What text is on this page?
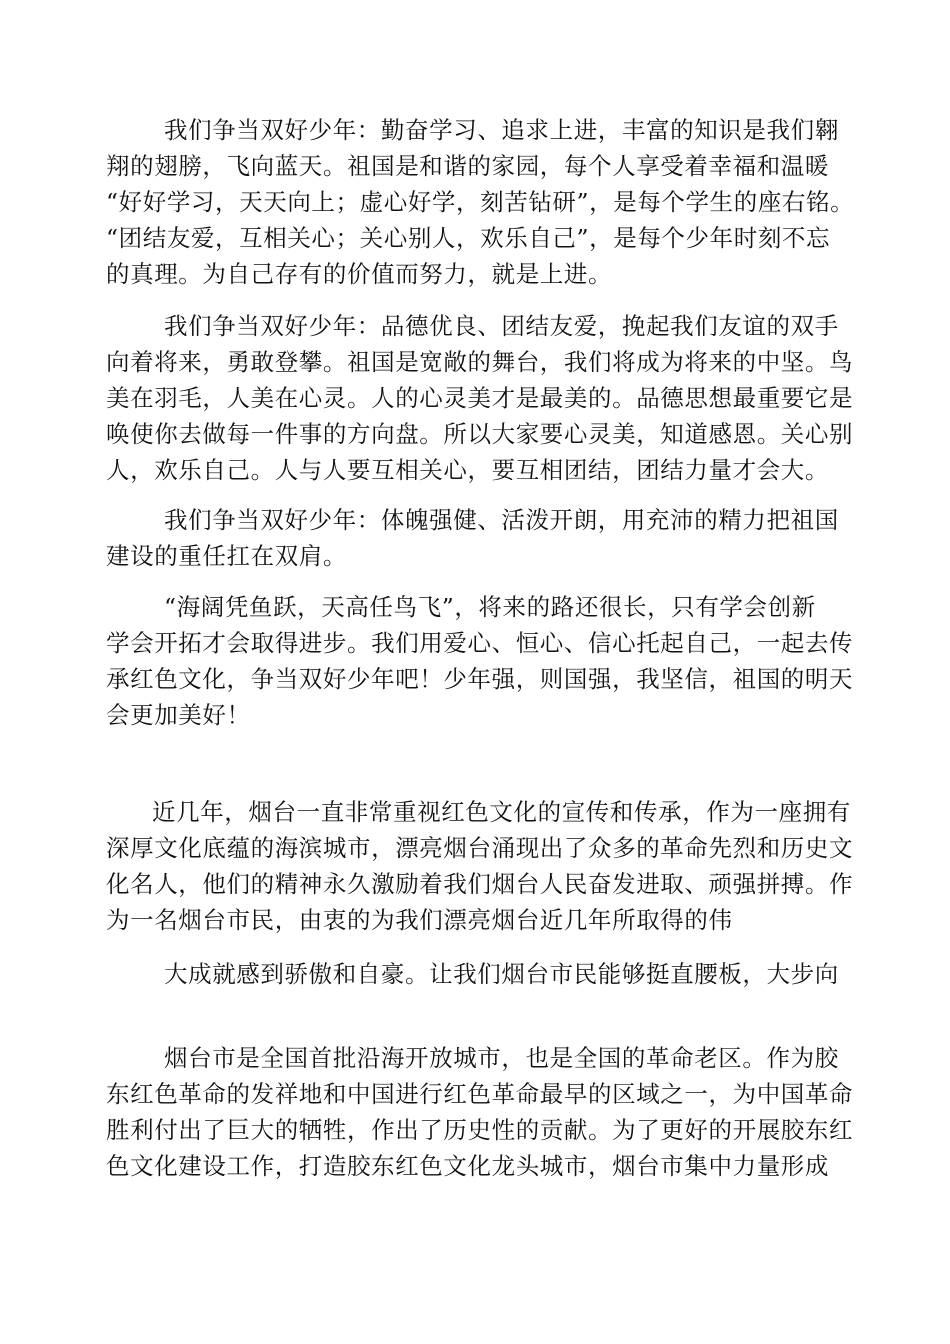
我们争当双好少年：勤奋学习、追求上进，丰富的知识是我们翱
翔的翅膀，飞向蓝天。祖国是和谐的家园，每个人享受着幸福和温暖
“好好学习，天天向上；虚心好学，刻苦钻研”，是每个学生的座右铭。
“团结友爱，互相关心；关心别人，欢乐自己”，是每个少年时刻不忘
的真理。为自己存有的价值而努力，就是上进。
我们争当双好少年：品德优良、团结友爱，挽起我们友谊的双手
向着将来，勇敢登攀。祖国是宽敞的舞台，我们将成为将来的中坚。鸟
美在羽毛，人美在心灵。人的心灵美才是最美的。品德思想最重要它是
唤使你去做每一件事的方向盘。所以大家要心灵美，知道感恩。关心别
人，欢乐自己。人与人要互相关心，要互相团结，团结力量才会大。
我们争当双好少年：体魄强健、活泼开朗，用充沛的精力把祖国
建设的重任扛在双肩。
“海阔凭鱼跃，天高任鸟飞”，将来的路还很长，只有学会创新
学会开拓才会取得进步。我们用爱心、恒心、信心托起自己，一起去传
承红色文化，争当双好少年吧！少年强，则国强，我坚信，祖国的明天
会更加美好！
近几年，烟台一直非常重视红色文化的宣传和传承，作为一座拥有
深厚文化底蕴的海滨城市，漂亮烟台涌现出了众多的革命先烈和历史文
化名人，他们的精神永久激励着我们烟台人民奋发进取、顽强拼搏。作
为一名烟台市民，由衷的为我们漂亮烟台近几年所取得的伟
大成就感到骄傲和自豪。让我们烟台市民能够挺直腰板，大步向
烟台市是全国首批沿海开放城市，也是全国的革命老区。作为胶
东红色革命的发祥地和中国进行红色革命最早的区域之一，为中国革命
胜利付出了巨大的牺牲，作出了历史性的贡献。为了更好的开展胶东红
色文化建设工作，打造胶东红色文化龙头城市，烟台市集中力量形成
